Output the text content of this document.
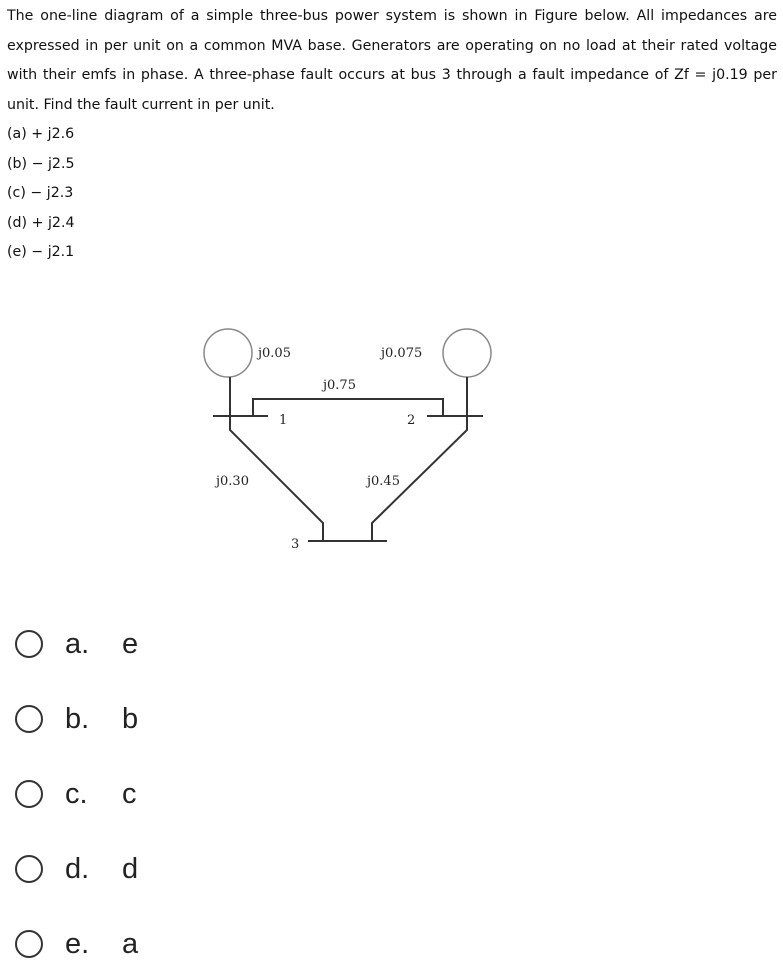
The one-line diagram of a simple three-bus power system is shown in Figure below. All impedances are expressed in per unit on a common MVA base. Generators are operating on no load at their rated voltage with their emfs in phase. A three-phase fault occurs at bus 3 through a fault impedance of Zf = j0.19 per unit. Find the fault current in per unit.
(a) + j2.6
(b) − j2.5
(c) − j2.3
(d) + j2.4
(e) − j2.1
j0.05	j0.075
j0.75
1	2
j0.30	j0.45
3
a.	e
b.	b
c.	c
d.	d
e.	a
